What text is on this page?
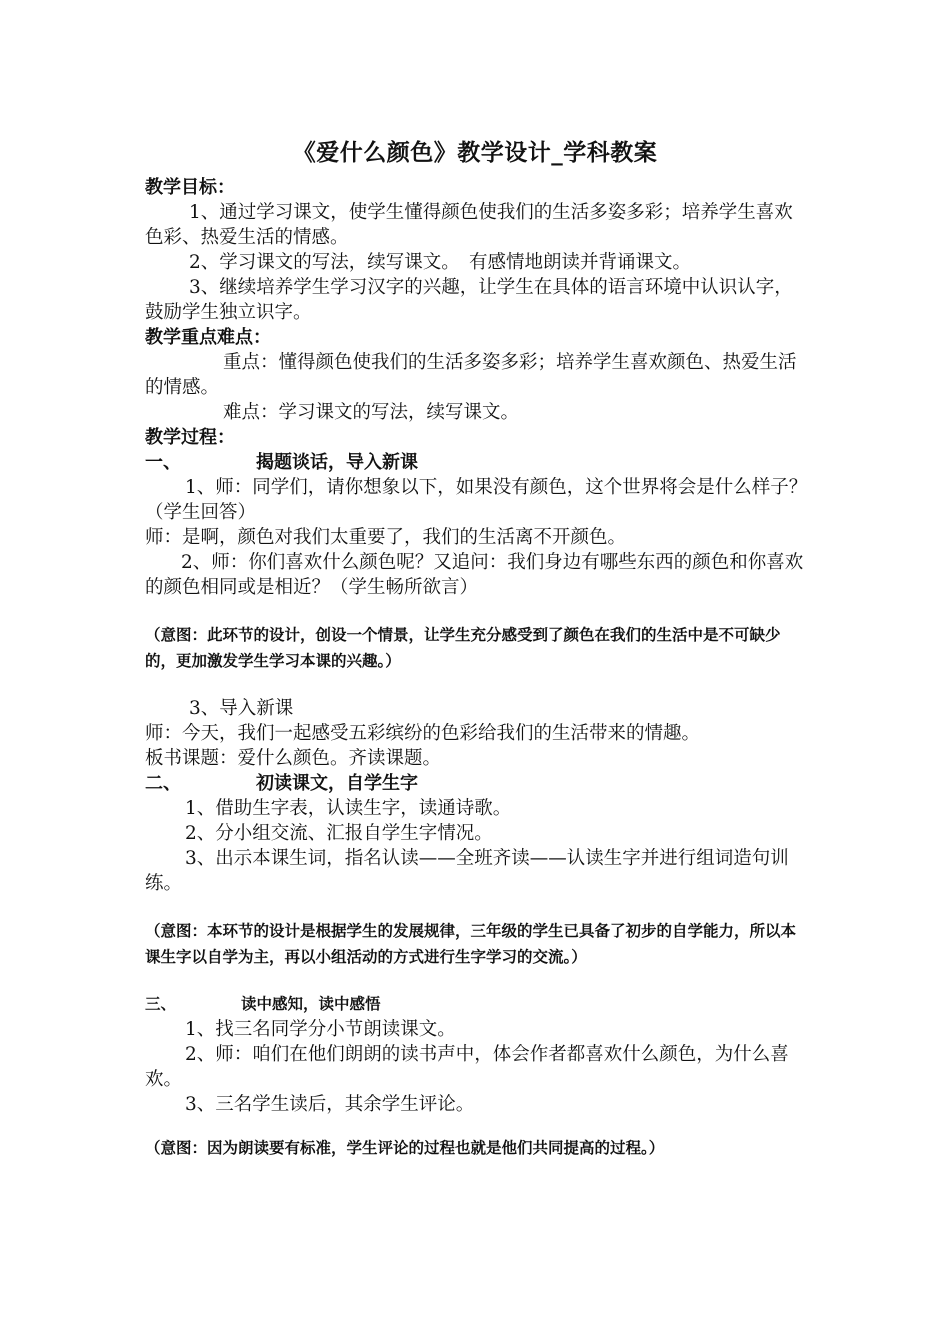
《爱什么颜色》教学设计_学科教案

教学目标：

1、通过学习课文，使学生懂得颜色使我们的生活多姿多彩；培养学生喜欢色彩、热爱生活的情感。

2、学习课文的写法，续写课文。　有感情地朗读并背诵课文。

3、继续培养学生学习汉字的兴趣，让学生在具体的语言环境中认识认字，鼓励学生独立识字。

教学重点难点：

重点：懂得颜色使我们的生活多姿多彩；培养学生喜欢颜色、热爱生活的情感。

难点：学习课文的写法，续写课文。

教学过程：

一、	揭题谈话，导入新课

1、师：同学们，请你想象以下，如果没有颜色，这个世界将会是什么样子？（学生回答）

师：是啊，颜色对我们太重要了，我们的生活离不开颜色。

2、师：你们喜欢什么颜色呢？又追问：我们身边有哪些东西的颜色和你喜欢的颜色相同或是相近？（学生畅所欲言）

（意图：此环节的设计，创设一个情景，让学生充分感受到了颜色在我们的生活中是不可缺少的，更加激发学生学习本课的兴趣。）

3、导入新课

师：今天，我们一起感受五彩缤纷的色彩给我们的生活带来的情趣。

板书课题：爱什么颜色。齐读课题。

二、	初读课文，自学生字

1、借助生字表，认读生字，读通诗歌。

2、分小组交流、汇报自学生字情况。

3、出示本课生词，指名认读——全班齐读——认读生字并进行组词造句训练。

（意图：本环节的设计是根据学生的发展规律，三年级的学生已具备了初步的自学能力，所以本课生字以自学为主，再以小组活动的方式进行生字学习的交流。）

三、	读中感知，读中感悟

1、找三名同学分小节朗读课文。

2、师：咱们在他们朗朗的读书声中，体会作者都喜欢什么颜色，为什么喜欢。

3、三名学生读后，其余学生评论。

（意图：因为朗读要有标准，学生评论的过程也就是他们共同提高的过程。）
